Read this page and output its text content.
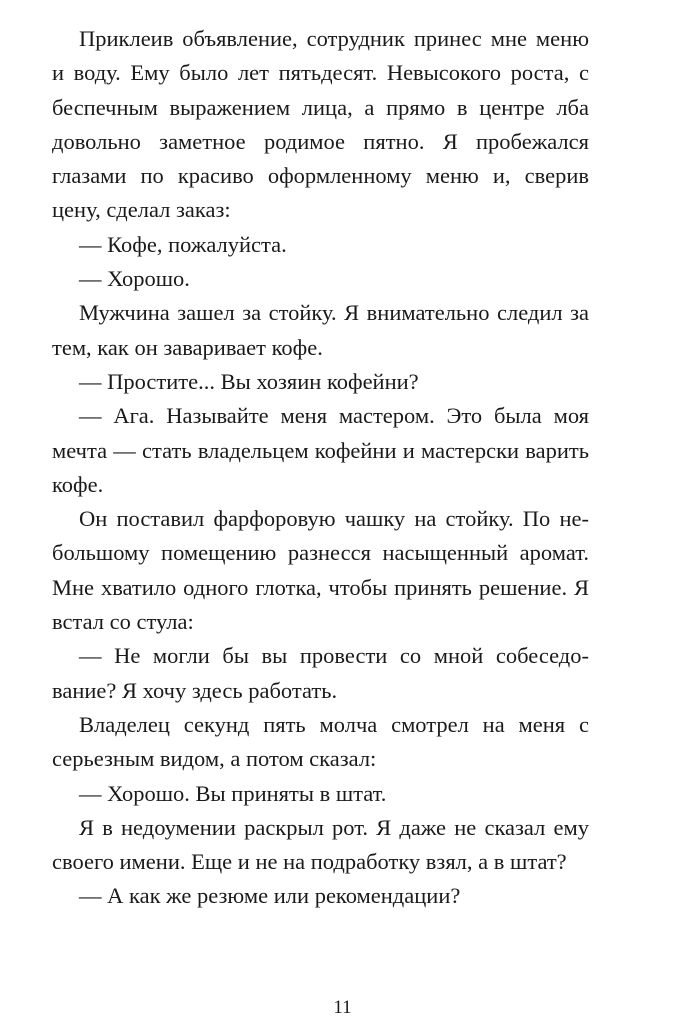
Приклеив объявление, сотрудник принес мне меню и воду. Ему было лет пятьдесят. Невысокого роста, с беспечным выражением лица, а прямо в центре лба довольно заметное родимое пятно. Я пробежался глазами по красиво оформленному меню и, сверив цену, сделал заказ:

— Кофе, пожалуйста.

— Хорошо.

Мужчина зашел за стойку. Я внимательно следил за тем, как он заваривает кофе.

— Простите... Вы хозяин кофейни?

— Ага. Называйте меня мастером. Это была моя мечта — стать владельцем кофейни и мастерски варить кофе.

Он поставил фарфоровую чашку на стойку. По небольшому помещению разнесся насыщенный аромат. Мне хватило одного глотка, чтобы принять решение. Я встал со стула:

— Не могли бы вы провести со мной собеседование? Я хочу здесь работать.

Владелец секунд пять молча смотрел на меня с серьезным видом, а потом сказал:

— Хорошо. Вы приняты в штат.

Я в недоумении раскрыл рот. Я даже не сказал ему своего имени. Еще и не на подработку взял, а в штат?

— А как же резюме или рекомендации?

11
